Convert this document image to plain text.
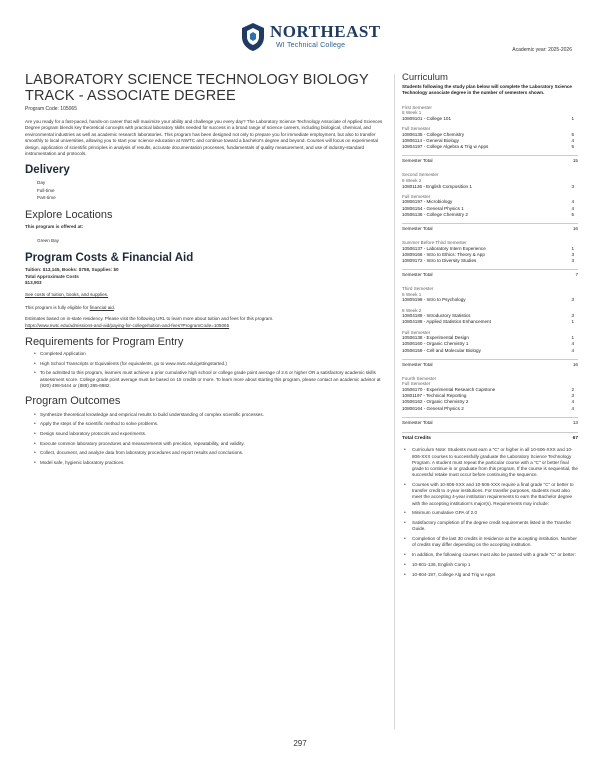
NORTHEAST
WI Technical College
Academic year: 2025-2026
LABORATORY SCIENCE TECHNOLOGY BIOLOGY TRACK - ASSOCIATE DEGREE
Program Code: 105065

Are you ready for a fast-paced, hands-on career that will maximize your ability and challenge you every day? The Laboratory Science Technology Associate of Applied Sciences Degree program blends key theoretical concepts with practical laboratory skills needed for success in a broad range of science careers, including biological, chemical, and environmental industries as well as academic research laboratories. This program has been designed not only to prepare you for immediate employment, but also to transfer smoothly to local universities, allowing you to start your science education at NWTC and continue toward a bachelor's degree and beyond. Courses will focus on experimental design, application of scientific principles in analysis of results, accurate documentation processes, fundamentals of quality measurement, and use of industry-standard instrumentation and protocols.

Delivery
Day
Full-time
Part-time
Explore Locations
This program is offered at:
Green Bay
Program Costs & Financial Aid
Tuition: $13,145, Books: $758, Supplies: $0
Total Approximate Costs
$13,903
See costs of tuition, books, and supplies.
This program is fully eligible for financial aid.
Estimates based on in-state residency. Please visit the following URL to learn more about tuition and fees for this program.
https://www.nwtc.edu/admissions-and-aid/paying-for-college/tuition-and-fees?ProgramCode=105065
Requirements for Program Entry
• Completed Application
• High School Transcripts or Equivalents (for equivalents, go to www.nwtc.edu/gettingstarted.)
• To be admitted to this program, learners must achieve a prior cumulative high school or college grade point average of 2.6 or higher OR a satisfactory academic skills assessment score. College grade point average must be based on 15 credits or more. To learn more about starting this program, please contact an academic advisor at (920) 498-5444 or (888) 385-6982.
Program Outcomes
• Synthesize theoretical knowledge and empirical results to build understanding of complex scientific processes.
• Apply the steps of the scientific method to solve problems.
• Design sound laboratory protocols and experiments.
• Execute common laboratory procedures and measurements with precision, repeatability, and validity.
• Collect, document, and analyze data from laboratory procedures and report results and conclusions.
• Model safe, hygienic laboratory practices.
Curriculum
Students following the study plan below will complete the Laboratory Science Technology associate degree in the number of semesters shown.
First Semester
8 Week 1
10809101 - College 101	1
Full Semester
10806135 - College Chemistry	5
10806114 - General Biology	4
10804197 - College Algebra & Trig w Apps	5
Semester Total	15
Second Semester
8 Week 2
10801136 - English Composition 1	3
Full Semester
10806197 - Microbiology	4
10806154 - General Physics 1	4
10506136 - College Chemistry 2	5
Semester Total	16
Summer Before Third Semester
10506137 - Laboratory Intern Experience	1
10809166 - Intro to Ethics: Theory & App	3
10809172 - Intro to Diversity Studies	3
Semester Total	7
Third Semester
8 Week 1
10809198 - Intro to Psychology	3
8 Week 2
10804189 - Introductory Statistics	3
10804188 - Applied Statistics Enhancement	1
Full Semester
10506138 - Experimental Design	1
10506160 - Organic Chemistry 1	4
10506159 - Cell and Molecular Biology	4
Semester Total	16
Fourth Semester
Full Semester
10506170 - Experimental Research Capstone	2
10801197 - Technical Reporting	3
10506162 - Organic Chemistry 2	4
10806164 - General Physics 2	4
Semester Total	13
Total Credits	67
• Curriculum Note: Students must earn a "C" or higher in all 10-506-XXX and 10-806-XXX courses to successfully graduate the Laboratory Science Technology Program. A student must repeat the particular course with a "C" or better final grade to continue in or graduate from this program. If the course is sequential, the successful retake must occur before continuing the sequence.
• Courses with 10-806-XXX and 10-506-XXX require a final grade "C" or better to transfer credit to 4-year institutions. For transfer purposes, students must also meet the accepting 4-year institution requirements to earn the Bachelor degree with the accepting institution's major(s). Requirements may include:
• Minimum cumulative GPA of 2.0
• Satisfactory completion of the degree credit requirements listed in the Transfer Guide.
• Completion of the last 30 credits in residence at the accepting institution. Number of credits may differ depending on the accepting institution.
• In addition, the following courses must also be passed with a grade "C" or better:
• 10-801-136, English Comp 1
• 10-804-197, College Alg and Trig w Apps
297
